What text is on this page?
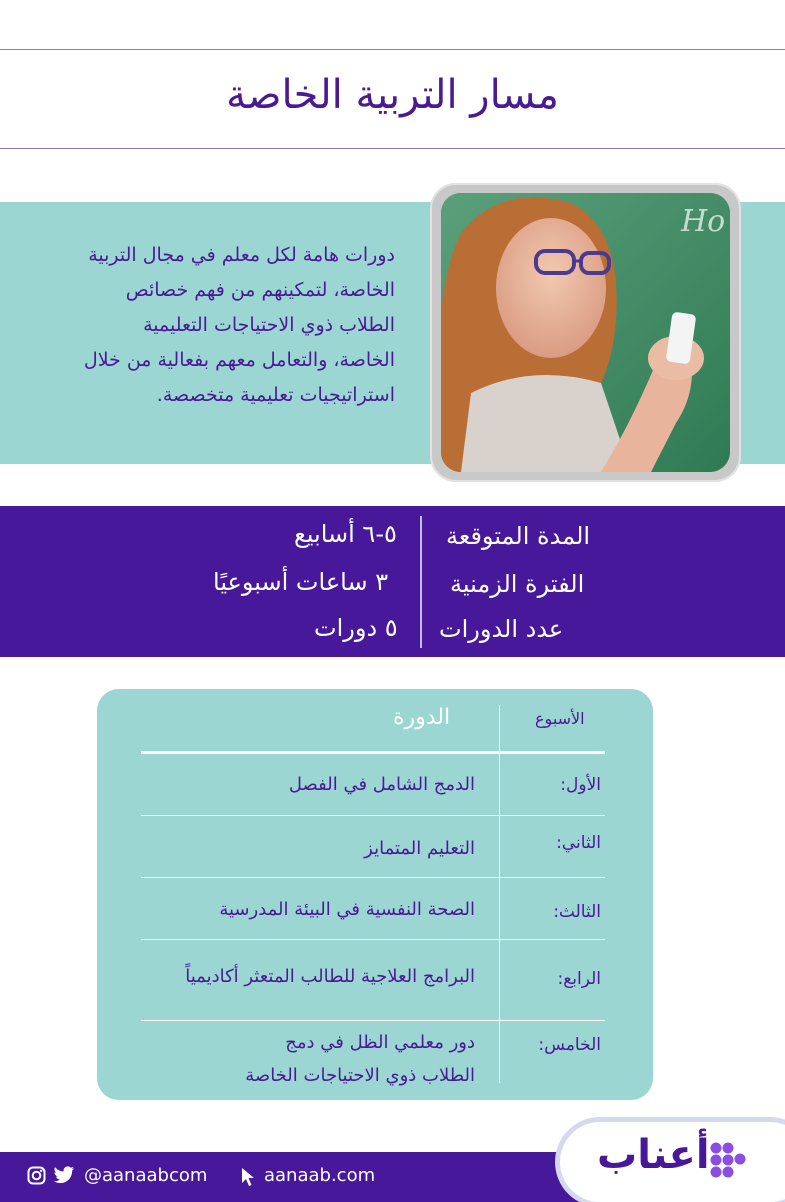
مسار التربية الخاصة
دورات هامة لكل معلم في مجال التربية
الخاصة، لتمكينهم من فهم خصائص
الطلاب ذوي الاحتياجات التعليمية
الخاصة، والتعامل معهم بفعالية من خلال
استراتيجيات تعليمية متخصصة.
Ho
المدة المتوقعة
٥-٦ أسابيع
الفترة الزمنية
٣ ساعات أسبوعيًا
عدد الدورات
٥ دورات
الأسبوع
الدورة
الأول:
الدمج الشامل في الفصل
الثاني:
التعليم المتمايز
الثالث:
الصحة النفسية في البيئة المدرسية
الرابع:
البرامج العلاجية للطالب المتعثر أكاديمياً
الخامس:
دور معلمي الظل في دمج
الطلاب ذوي الاحتياجات الخاصة
@aanaabcom	aanaab.com	أعناب
